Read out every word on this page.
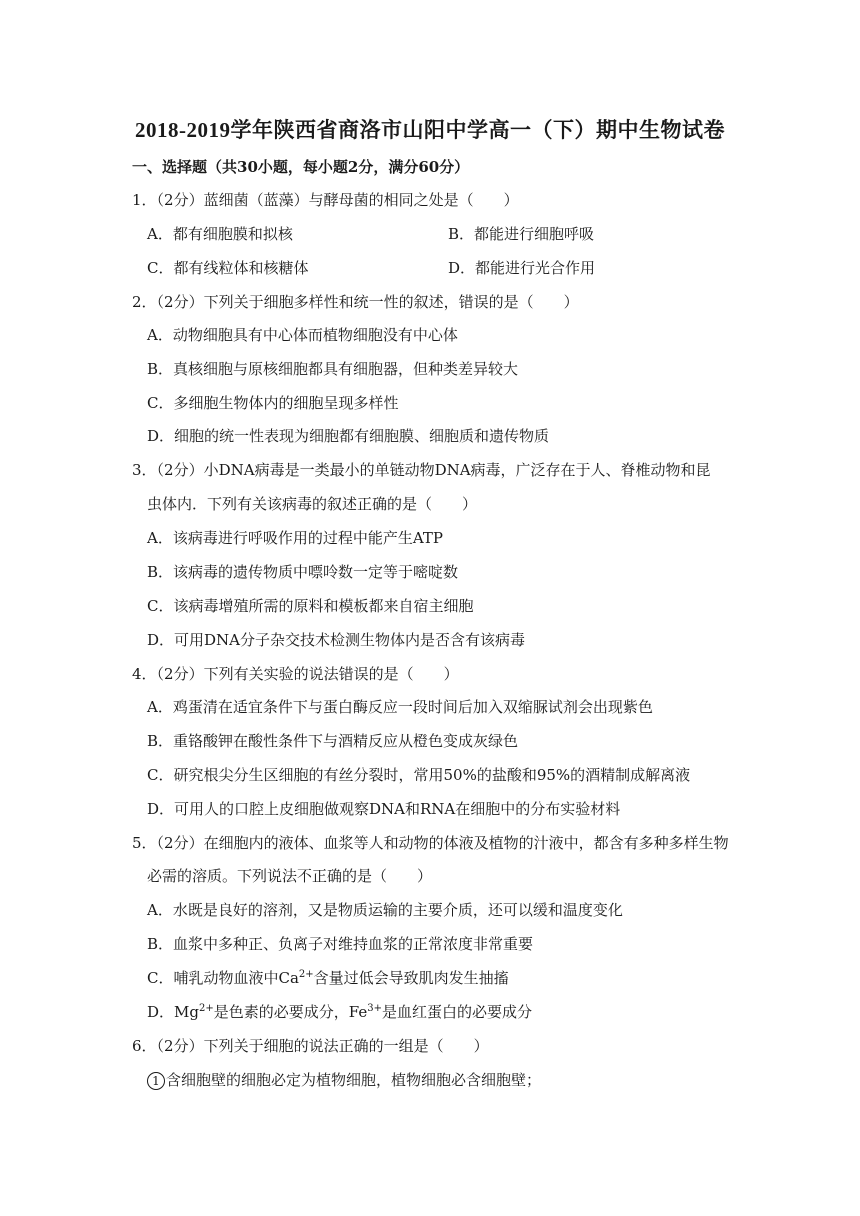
2018-2019学年陕西省商洛市山阳中学高一（下）期中生物试卷
一、选择题（共30小题，每小题2分，满分60分）
1．（2分）蓝细菌（蓝藻）与酵母菌的相同之处是（　　）
A．都有细胞膜和拟核	B．都能进行细胞呼吸
C．都有线粒体和核糖体	D．都能进行光合作用
2．（2分）下列关于细胞多样性和统一性的叙述，错误的是（　　）
A．动物细胞具有中心体而植物细胞没有中心体
B．真核细胞与原核细胞都具有细胞器，但种类差异较大
C．多细胞生物体内的细胞呈现多样性
D．细胞的统一性表现为细胞都有细胞膜、细胞质和遗传物质
3．（2分）小DNA病毒是一类最小的单链动物DNA病毒，广泛存在于人、脊椎动物和昆
虫体内．下列有关该病毒的叙述正确的是（　　）
A．该病毒进行呼吸作用的过程中能产生ATP
B．该病毒的遗传物质中嘌呤数一定等于嘧啶数
C．该病毒增殖所需的原料和模板都来自宿主细胞
D．可用DNA分子杂交技术检测生物体内是否含有该病毒
4．（2分）下列有关实验的说法错误的是（　　）
A．鸡蛋清在适宜条件下与蛋白酶反应一段时间后加入双缩脲试剂会出现紫色
B．重铬酸钾在酸性条件下与酒精反应从橙色变成灰绿色
C．研究根尖分生区细胞的有丝分裂时，常用50%的盐酸和95%的酒精制成解离液
D．可用人的口腔上皮细胞做观察DNA和RNA在细胞中的分布实验材料
5．（2分）在细胞内的液体、血浆等人和动物的体液及植物的汁液中，都含有多种多样生物
必需的溶质。下列说法不正确的是（　　）
A．水既是良好的溶剂，又是物质运输的主要介质，还可以缓和温度变化
B．血浆中多种正、负离子对维持血浆的正常浓度非常重要
C．哺乳动物血液中$Ca^{2+}$含量过低会导致肌肉发生抽搐
D．$Mg^{2+}$是色素的必要成分，$Fe^{3+}$是血红蛋白的必要成分
6．（2分）下列关于细胞的说法正确的一组是（　　）
1 含细胞壁的细胞必定为植物细胞，植物细胞必含细胞壁；
